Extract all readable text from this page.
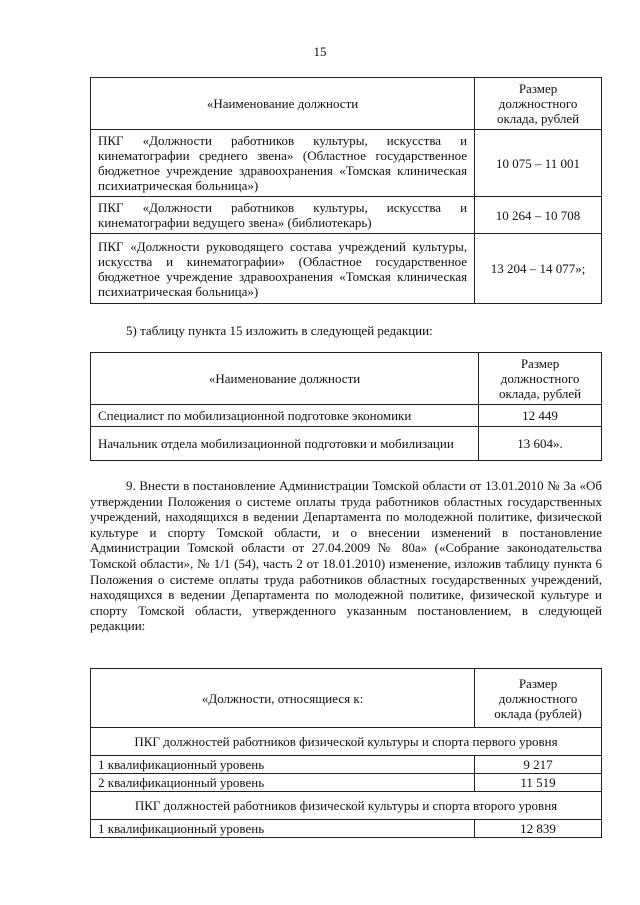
15
«Наименование должности	Размер должностного оклада, рублей
ПКГ «Должности работников культуры, искусства и кинематографии среднего звена» (Областное государственное бюджетное учреждение здравоохранения «Томская клиническая психиатрическая больница»)	10 075 – 11 001
ПКГ «Должности работников культуры, искусства и кинематографии ведущего звена» (библиотекарь)	10 264 – 10 708
ПКГ «Должности руководящего состава учреждений культуры, искусства и кинематографии» (Областное государственное бюджетное учреждение здравоохранения «Томская клиническая психиатрическая больница»)	13 204 – 14 077»;
5) таблицу пункта 15 изложить в следующей редакции:
«Наименование должности	Размер должностного оклада, рублей
Специалист по мобилизационной подготовке экономики	12 449
Начальник отдела мобилизационной подготовки и мобилизации	13 604».
9. Внести в постановление Администрации Томской области от 13.01.2010 № 3а «Об утверждении Положения о системе оплаты труда работников областных государственных учреждений, находящихся в ведении Департамента по молодежной политике, физической культуре и спорту Томской области, и о внесении изменений в постановление Администрации Томской области от 27.04.2009 № 80а» («Собрание законодательства Томской области», № 1/1 (54), часть 2 от 18.01.2010) изменение, изложив таблицу пункта 6 Положения о системе оплаты труда работников областных государственных учреждений, находящихся в ведении Департамента по молодежной политике, физической культуре и спорту Томской области, утвержденного указанным постановлением, в следующей редакции:
«Должности, относящиеся к:	Размер должностного оклада (рублей)
ПКГ должностей работников физической культуры и спорта первого уровня	
1 квалификационный уровень	9 217
2 квалификационный уровень	11 519
ПКГ должностей работников физической культуры и спорта второго уровня	
1 квалификационный уровень	12 839
